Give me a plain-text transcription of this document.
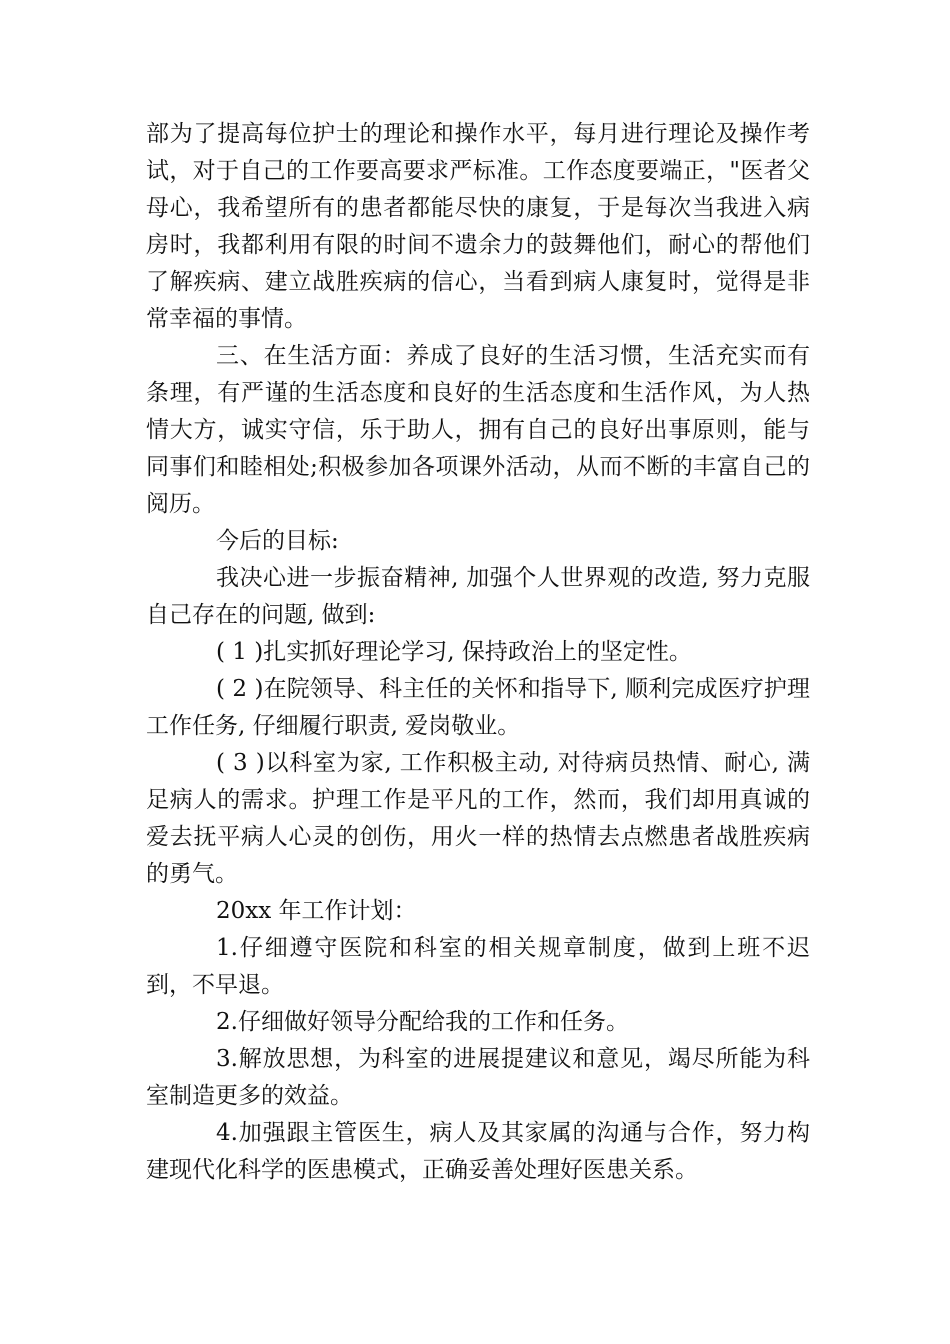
部为了提高每位护士的理论和操作水平，每月进行理论及操作考试，对于自己的工作要高要求严标准。工作态度要端正，"医者父母心，我希望所有的患者都能尽快的康复，于是每次当我进入病房时，我都利用有限的时间不遗余力的鼓舞他们，耐心的帮他们了解疾病、建立战胜疾病的信心，当看到病人康复时，觉得是非常幸福的事情。

三、在生活方面：养成了良好的生活习惯，生活充实而有条理，有严谨的生活态度和良好的生活态度和生活作风，为人热情大方，诚实守信，乐于助人，拥有自己的良好出事原则，能与同事们和睦相处;积极参加各项课外活动，从而不断的丰富自己的阅历。

今后的目标:

我决心进一步振奋精神, 加强个人世界观的改造, 努力克服自己存在的问题, 做到:

( 1 )扎实抓好理论学习, 保持政治上的坚定性。

( 2 )在院领导、科主任的关怀和指导下, 顺利完成医疗护理工作任务, 仔细履行职责, 爱岗敬业。

( 3 )以科室为家, 工作积极主动, 对待病员热情、耐心, 满足病人的需求。护理工作是平凡的工作，然而，我们却用真诚的爱去抚平病人心灵的创伤，用火一样的热情去点燃患者战胜疾病的勇气。

20xx 年工作计划：

1.仔细遵守医院和科室的相关规章制度，做到上班不迟到，不早退。

2.仔细做好领导分配给我的工作和任务。

3.解放思想，为科室的进展提建议和意见，竭尽所能为科室制造更多的效益。

4.加强跟主管医生，病人及其家属的沟通与合作，努力构建现代化科学的医患模式，正确妥善处理好医患关系。
